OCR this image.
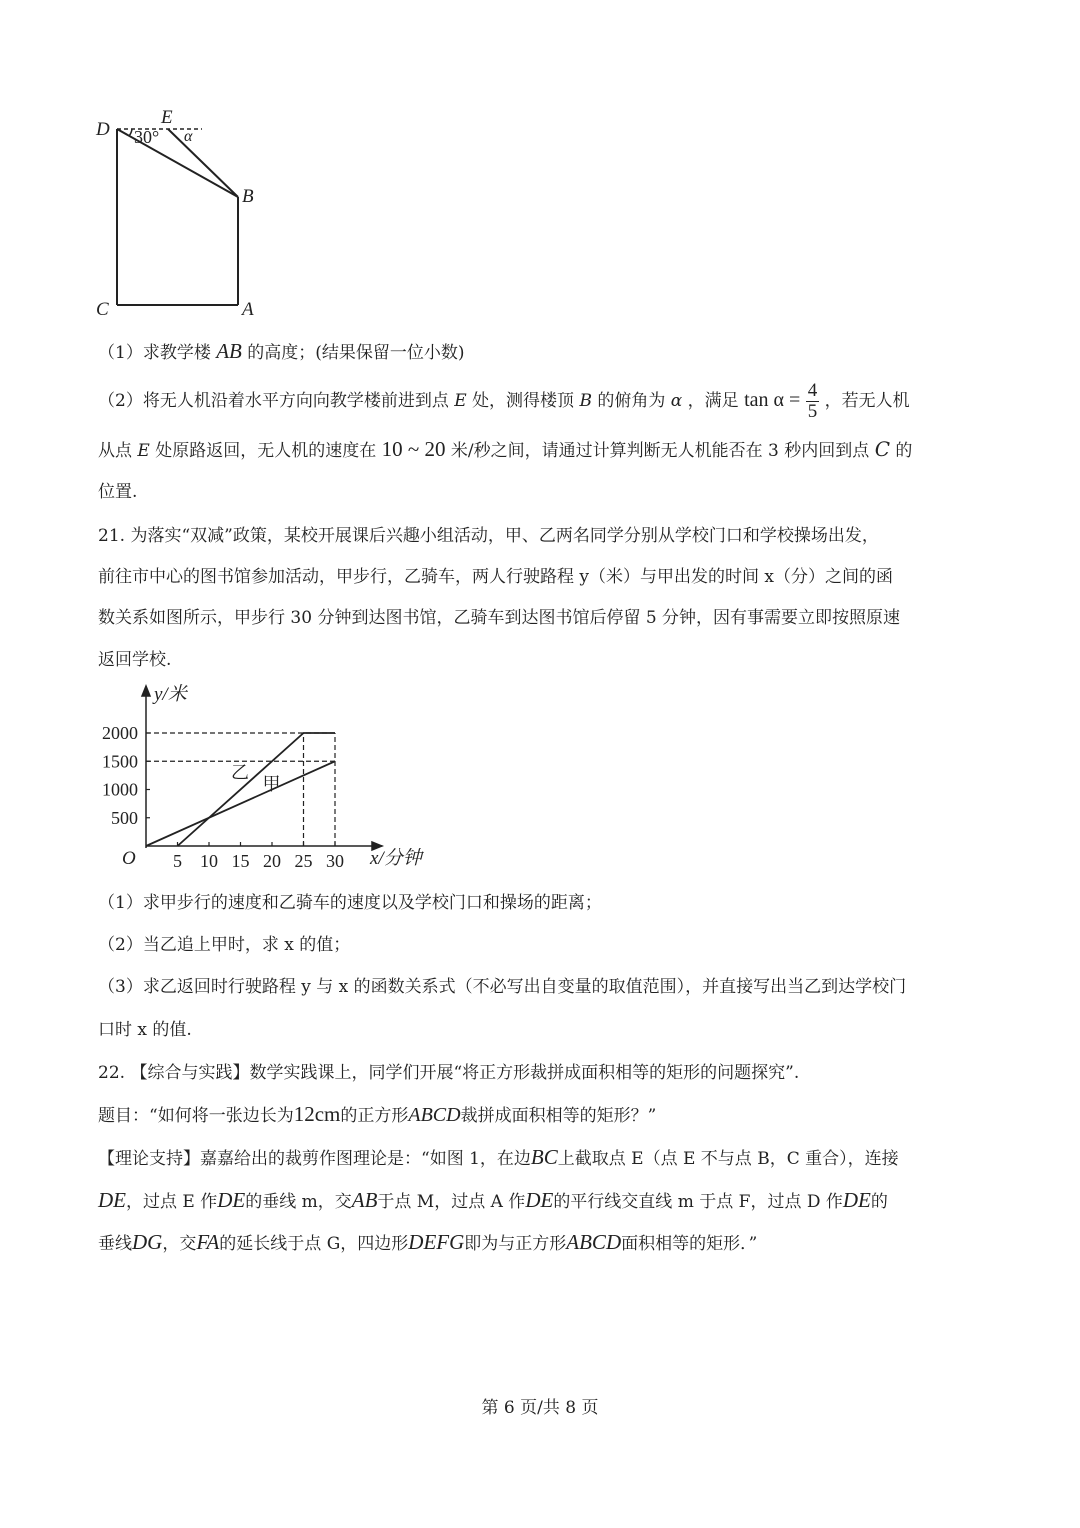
D 30°
E
α
B
C	A
（1）求教学楼 AB 的高度；(结果保留一位小数)
（2）将无人机沿着水平方向向教学楼前进到点 E 处，测得楼顶 B 的俯角为 α ，满足 $\tan \alpha = \frac{4}{5}$ ，若无人机
从点 E 处原路返回，无人机的速度在 10 ~ 20 米/秒之间，请通过计算判断无人机能否在 3 秒内回到点 C 的
位置.
21. 为落实“双减”政策，某校开展课后兴趣小组活动，甲、乙两名同学分别从学校门口和学校操场出发，
前往市中心的图书馆参加活动，甲步行，乙骑车，两人行驶路程 y（米）与甲出发的时间 x（分）之间的函
数关系如图所示，甲步行 30 分钟到达图书馆，乙骑车到达图书馆后停留 5 分钟，因有事需要立即按照原速
返回学校.
y/米
x/分钟
O 5 10 15 20 25 30
500
1000
1500
2000
甲
乙
（1）求甲步行的速度和乙骑车的速度以及学校门口和操场的距离；
（2）当乙追上甲时，求 x 的值；
（3）求乙返回时行驶路程 y 与 x 的函数关系式（不必写出自变量的取值范围），并直接写出当乙到达学校门
口时 x 的值.
22. 【综合与实践】数学实践课上，同学们开展“将正方形裁拼成面积相等的矩形的问题探究”.
题目：“如何将一张边长为12cm的正方形ABCD裁拼成面积相等的矩形？”
【理论支持】嘉嘉给出的裁剪作图理论是：“如图 1，在边BC上截取点 E（点 E 不与点 B，C 重合），连接
DE，过点 E 作DE的垂线 m，交AB于点 M，过点 A 作DE的平行线交直线 m 于点 F，过点 D 作DE的
垂线DG，交FA的延长线于点 G，四边形DEFG即为与正方形ABCD面积相等的矩形．”
第 6 页/共 8 页
